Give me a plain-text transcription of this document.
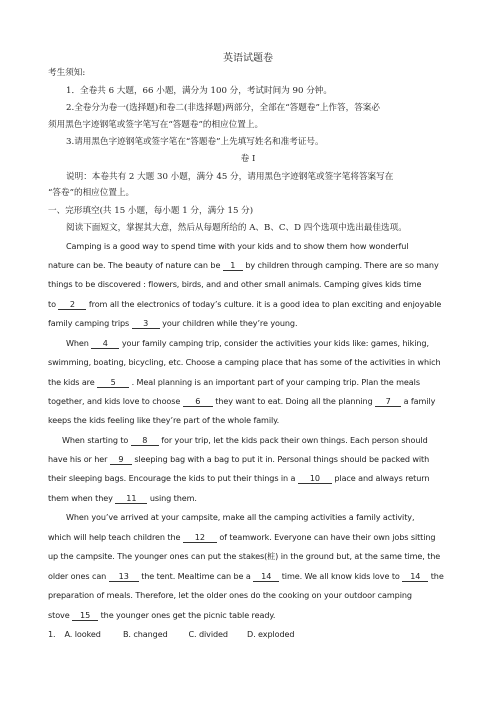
英语试题卷
考生须知:
1．全卷共 6 大题，66 小题，满分为 100 分，考试时间为 90 分钟。
2.全卷分为卷一(选择题)和卷二(非选择题)两部分，全部在“答题卷”上作答，答案必
须用黑色字迹钢笔或签字笔写在“答题卷”的相应位置上。
3.请用黑色字迹钢笔或签字笔在“答题卷”上先填写姓名和准考证号。
卷 I
说明：本卷共有 2 大题 30 小题，满分 45 分，请用黑色字迹钢笔或签字笔将答案写在
“答卷”的相应位置上。
一、完形填空(共 15 小题，每小题 1 分，满分 15 分)
阅读下面短文，掌握其大意，然后从每题所给的 A、B、C、D 四个选项中选出最佳选项。
Camping is a good way to spend time with your kids and to show them how wonderful
nature can be. The beauty of nature can be 1 by children through camping. There are so many
things to be discovered : flowers, birds, and and other small animals. Camping gives kids time
to 2 from all the electronics of today’s culture. it is a good idea to plan exciting and enjoyable
family camping trips 3 your children while they’re young.
When 4 your family camping trip, consider the activities your kids like: games, hiking,
swimming, boating, bicycling, etc. Choose a camping place that has some of the activities in which
the kids are 5 . Meal planning is an important part of your camping trip. Plan the meals
together, and kids love to choose 6 they want to eat. Doing all the planning 7 a family
keeps the kids feeling like they’re part of the whole family.
When starting to 8 for your trip, let the kids pack their own things. Each person should
have his or her 9 sleeping bag with a bag to put it in. Personal things should be packed with
their sleeping bags. Encourage the kids to put their things in a 10 place and always return
them when they 11 using them.
When you’ve arrived at your campsite, make all the camping activities a family activity,
which will help teach children the 12 of teamwork. Everyone can have their own jobs sitting
up the campsite. The younger ones can put the stakes(桩) in the ground but, at the same time, the
older ones can 13 the tent. Mealtime can be a 14 time. We all know kids love to 14 the
preparation of meals. Therefore, let the older ones do the cooking on your outdoor camping
stove 15 the younger ones get the picnic table ready.
1. A. looked	B. changed	C. divided D. exploded
